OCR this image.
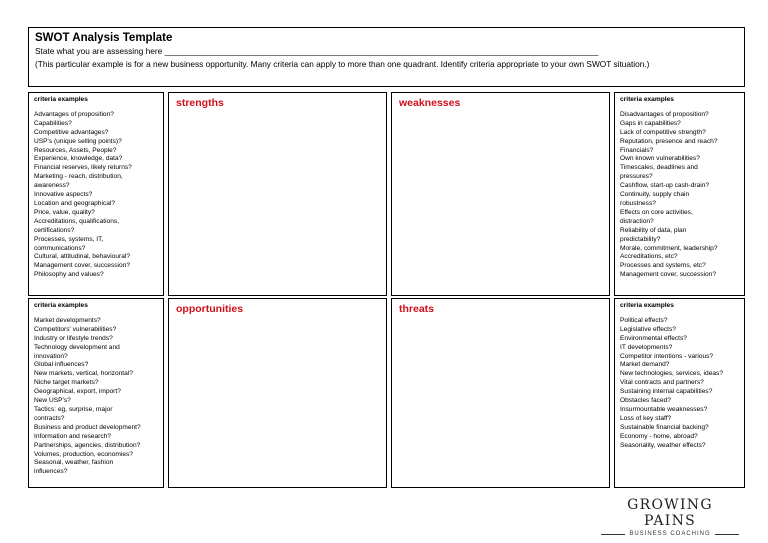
SWOT Analysis Template
State what you are assessing here ______________________________________________________________________________________________
(This particular example is for a new business opportunity. Many criteria can apply to more than one quadrant. Identify criteria appropriate to your own SWOT situation.)
criteria examples
Advantages of proposition?
Capabilities?
Competitive advantages?
USP's (unique selling points)?
Resources, Assets, People?
Experience, knowledge, data?
Financial reserves, likely returns?
Marketing - reach, distribution,
awareness?
Innovative aspects?
Location and geographical?
Price, value, quality?
Accreditations, qualifications,
certifications?
Processes, systems, IT,
communications?
Cultural, attitudinal, behavioural?
Management cover, succession?
Philosophy and values?
strengths	weaknesses	criteria examples
Disadvantages of proposition?
Gaps in capabilities?
Lack of competitive strength?
Reputation, presence and reach?
Financials?
Own known vulnerabilities?
Timescales, deadlines and
pressures?
Cashflow, start-up cash-drain?
Continuity, supply chain
robustness?
Effects on core activities,
distraction?
Reliability of data, plan
predictability?
Morale, commitment, leadership?
Accreditations, etc?
Processes and systems, etc?
Management cover, succession?
criteria examples
Market developments?
Competitors' vulnerabilities?
Industry or lifestyle trends?
Technology development and
innovation?
Global influences?
New markets, vertical, horizontal?
Niche target markets?
Geographical, export, import?
New USP's?
Tactics: eg, surprise, major
contracts?
Business and product development?
Information and research?
Partnerships, agencies, distribution?
Volumes, production, economies?
Seasonal, weather, fashion
influences?
opportunities	threats	criteria examples
Political effects?
Legislative effects?
Environmental effects?
IT developments?
Competitor intentions - various?
Market demand?
New technologies, services, ideas?
Vital contracts and partners?
Sustaining internal capabilities?
Obstacles faced?
Insurmountable weaknesses?
Loss of key staff?
Sustainable financial backing?
Economy - home, abroad?
Seasonality, weather effects?
GROWING PAINS
BUSINESS COACHING
